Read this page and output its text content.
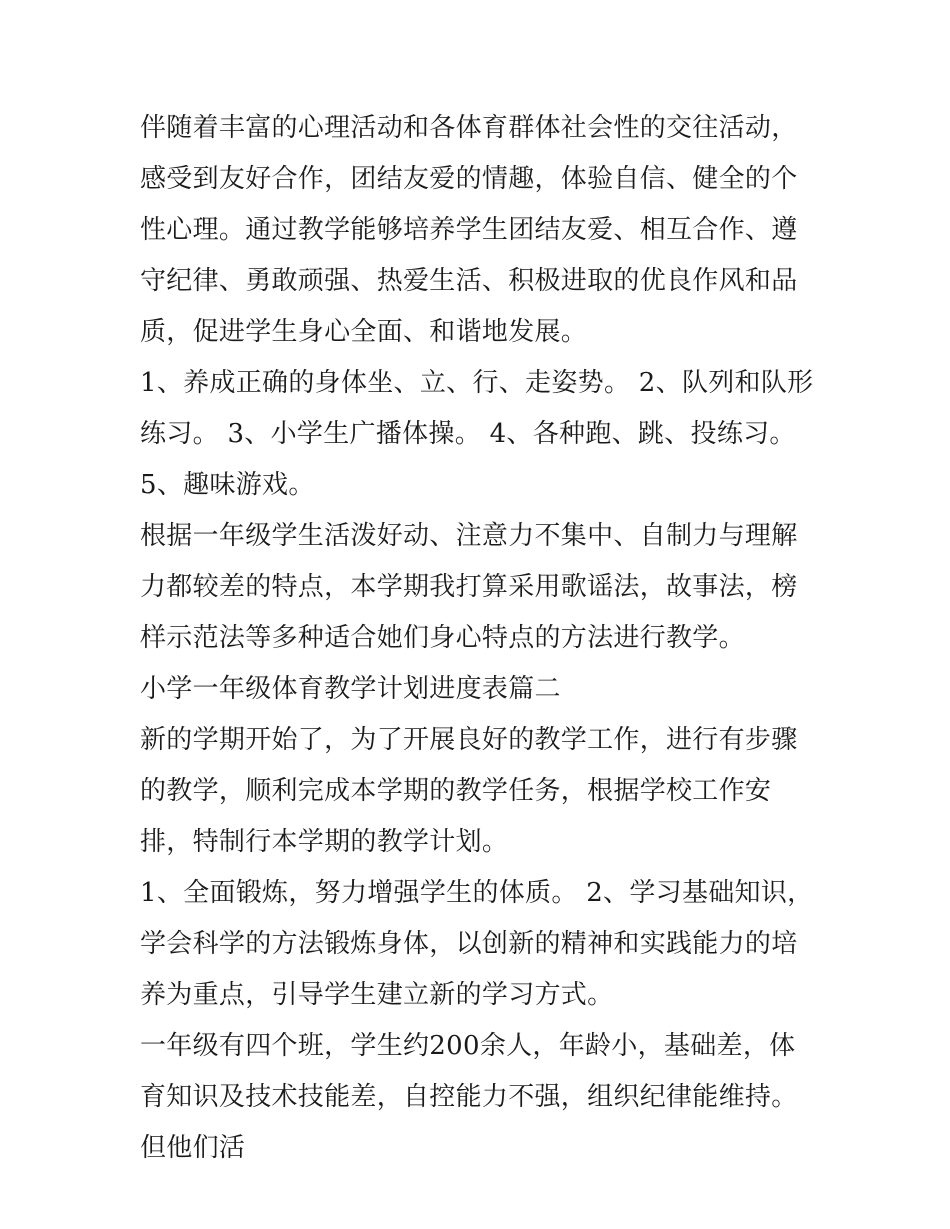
伴随着丰富的心理活动和各体育群体社会性的交往活动，感受到友好合作，团结友爱的情趣，体验自信、健全的个性心理。通过教学能够培养学生团结友爱、相互合作、遵守纪律、勇敢顽强、热爱生活、积极进取的优良作风和品质，促进学生身心全面、和谐地发展。

1、养成正确的身体坐、立、行、走姿势。 2、队列和队形练习。 3、小学生广播体操。 4、各种跑、跳、投练习。 5、趣味游戏。

根据一年级学生活泼好动、注意力不集中、自制力与理解力都较差的特点，本学期我打算采用歌谣法，故事法，榜样示范法等多种适合她们身心特点的方法进行教学。

小学一年级体育教学计划进度表篇二

新的学期开始了，为了开展良好的教学工作，进行有步骤的教学，顺利完成本学期的教学任务，根据学校工作安排，特制行本学期的教学计划。

1、全面锻炼，努力增强学生的体质。 2、学习基础知识，学会科学的方法锻炼身体，以创新的精神和实践能力的培养为重点，引导学生建立新的学习方式。

一年级有四个班，学生约200余人，年龄小，基础差，体育知识及技术技能差，自控能力不强，组织纪律能维持。但他们活
